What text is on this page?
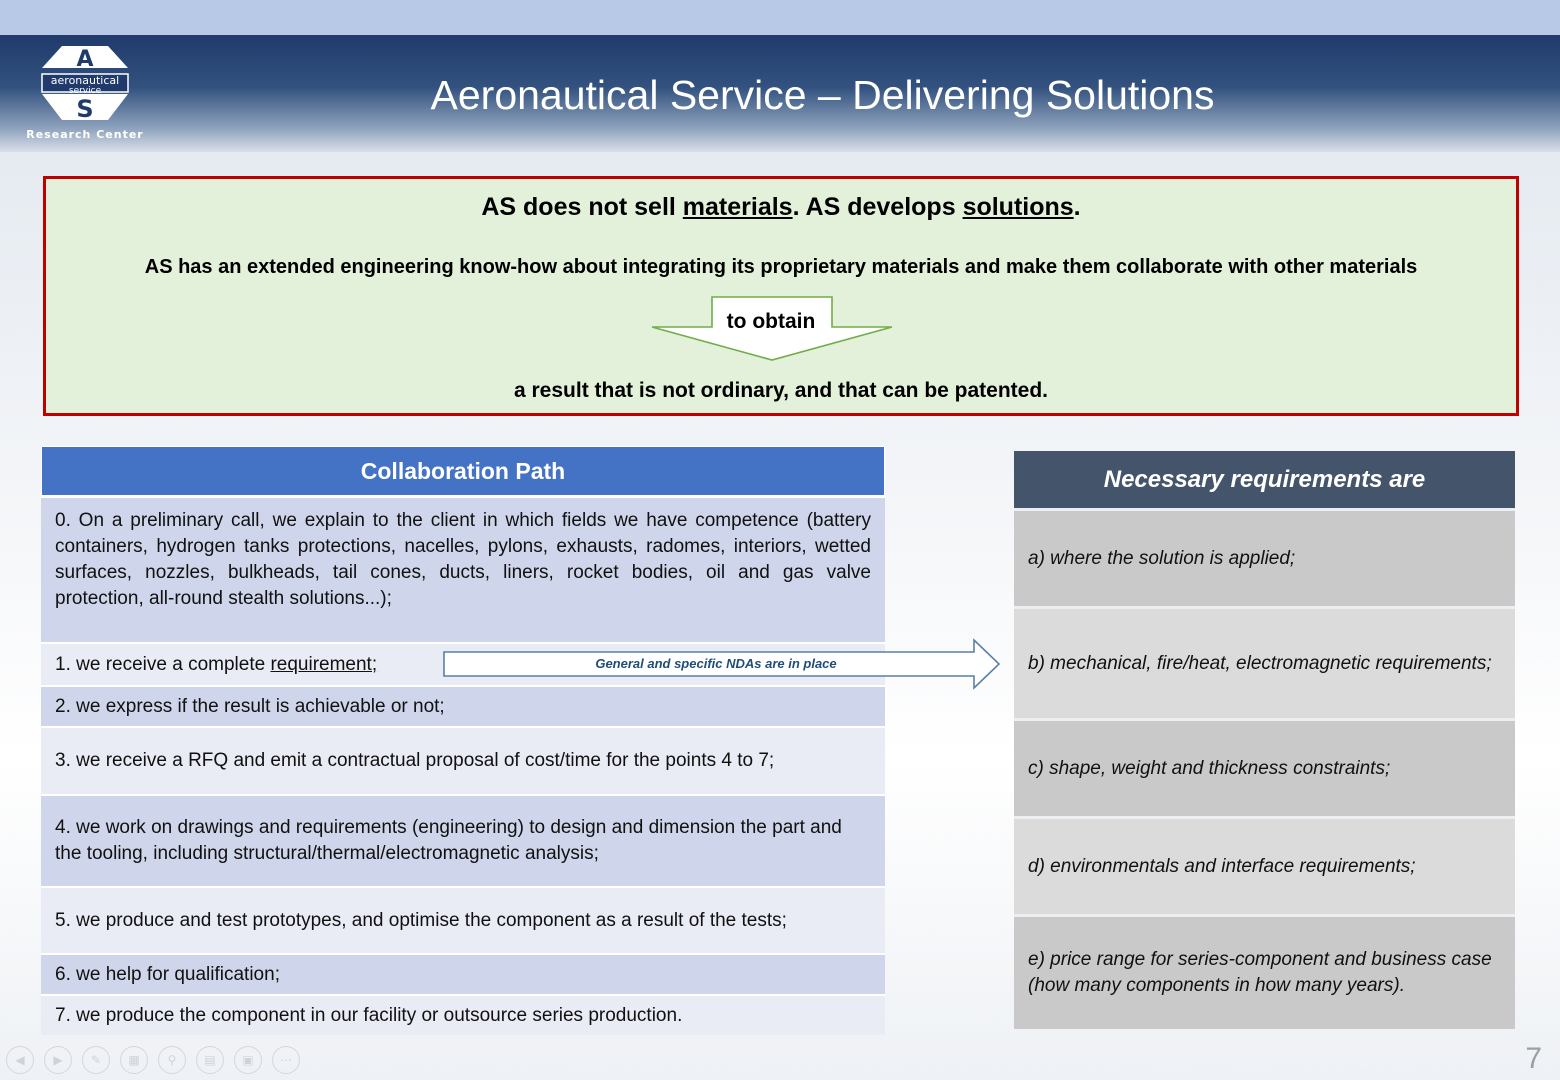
A
aeronautical
service
S
Research Center
Aeronautical Service – Delivering Solutions
AS does not sell materials. AS develops solutions.
AS has an extended engineering know-how about integrating its proprietary materials and make them collaborate with other materials
to obtain
a result that is not ordinary, and that can be patented.
Collaboration Path
0. On a preliminary call, we explain to the client in which fields we have competence (battery containers, hydrogen tanks protections, nacelles, pylons, exhausts, radomes, interiors, wetted surfaces, nozzles, bulkheads, tail cones, ducts, liners, rocket bodies, oil and gas valve protection, all-round stealth solutions...);
1. we receive a complete requirement;
2. we express if the result is achievable or not;
3. we receive a RFQ and emit a contractual proposal of cost/time for the points 4 to 7;
4. we work on drawings and requirements (engineering) to design and dimension the part and the tooling, including structural/thermal/electromagnetic analysis;
5. we produce and test prototypes, and optimise the component as a result of the tests;
6. we help for qualification;
7. we produce the component in our facility or outsource series production.
General and specific NDAs are in place
Necessary requirements are
a) where the solution is applied;
b) mechanical, fire/heat, electromagnetic requirements;
c) shape, weight and thickness constraints;
d) environmentals and interface requirements;
e) price range for series-component and business case (how many components in how many years).
◀	▶	✎	▦	⚲	▤	▣	⋯	7
